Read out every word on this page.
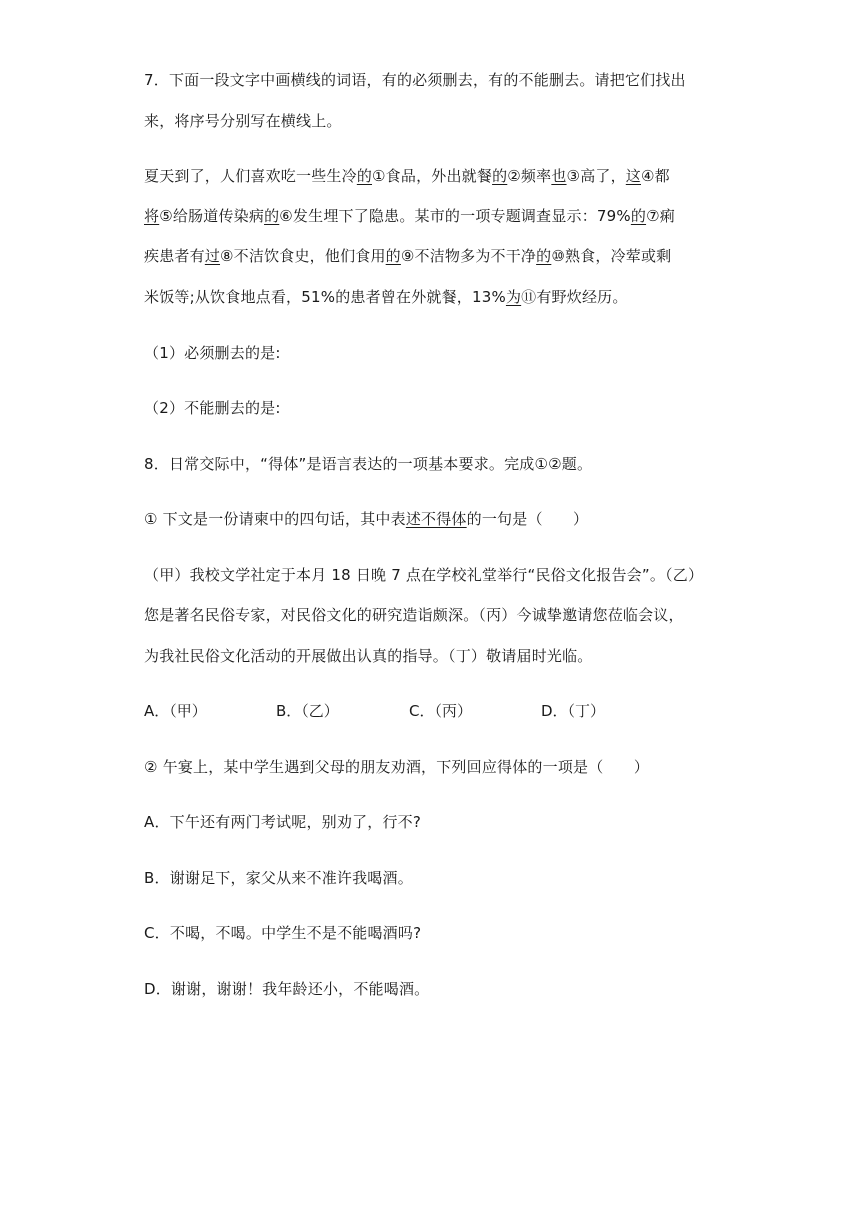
7．下面一段文字中画横线的词语，有的必须删去，有的不能删去。请把它们找出
来，将序号分别写在横线上。
夏天到了，人们喜欢吃一些生冷的①食品，外出就餐的②频率也③高了，这④都
将⑤给肠道传染病的⑥发生埋下了隐患。某市的一项专题调查显示：79%的⑦痢
疾患者有过⑧不洁饮食史，他们食用的⑨不洁物多为不干净的⑩熟食，冷荤或剩
米饭等;从饮食地点看，51%的患者曾在外就餐，13%为⑪有野炊经历。
（1）必须删去的是:
（2）不能删去的是:
8．日常交际中，“得体”是语言表达的一项基本要求。完成①②题。
① 下文是一份请柬中的四句话，其中表述不得体的一句是（　　）
（甲）我校文学社定于本月 18 日晚 7 点在学校礼堂举行“民俗文化报告会”。（乙）
您是著名民俗专家，对民俗文化的研究造诣颇深。（丙）今诚挚邀请您莅临会议，
为我社民俗文化活动的开展做出认真的指导。（丁）敬请届时光临。
A．（甲）	B．（乙）	C．（丙）	D．（丁）
② 午宴上，某中学生遇到父母的朋友劝酒，下列回应得体的一项是（　　）
A．下午还有两门考试呢，别劝了，行不?
B．谢谢足下，家父从来不准许我喝酒。
C．不喝，不喝。中学生不是不能喝酒吗?
D．谢谢，谢谢！我年龄还小，不能喝酒。
